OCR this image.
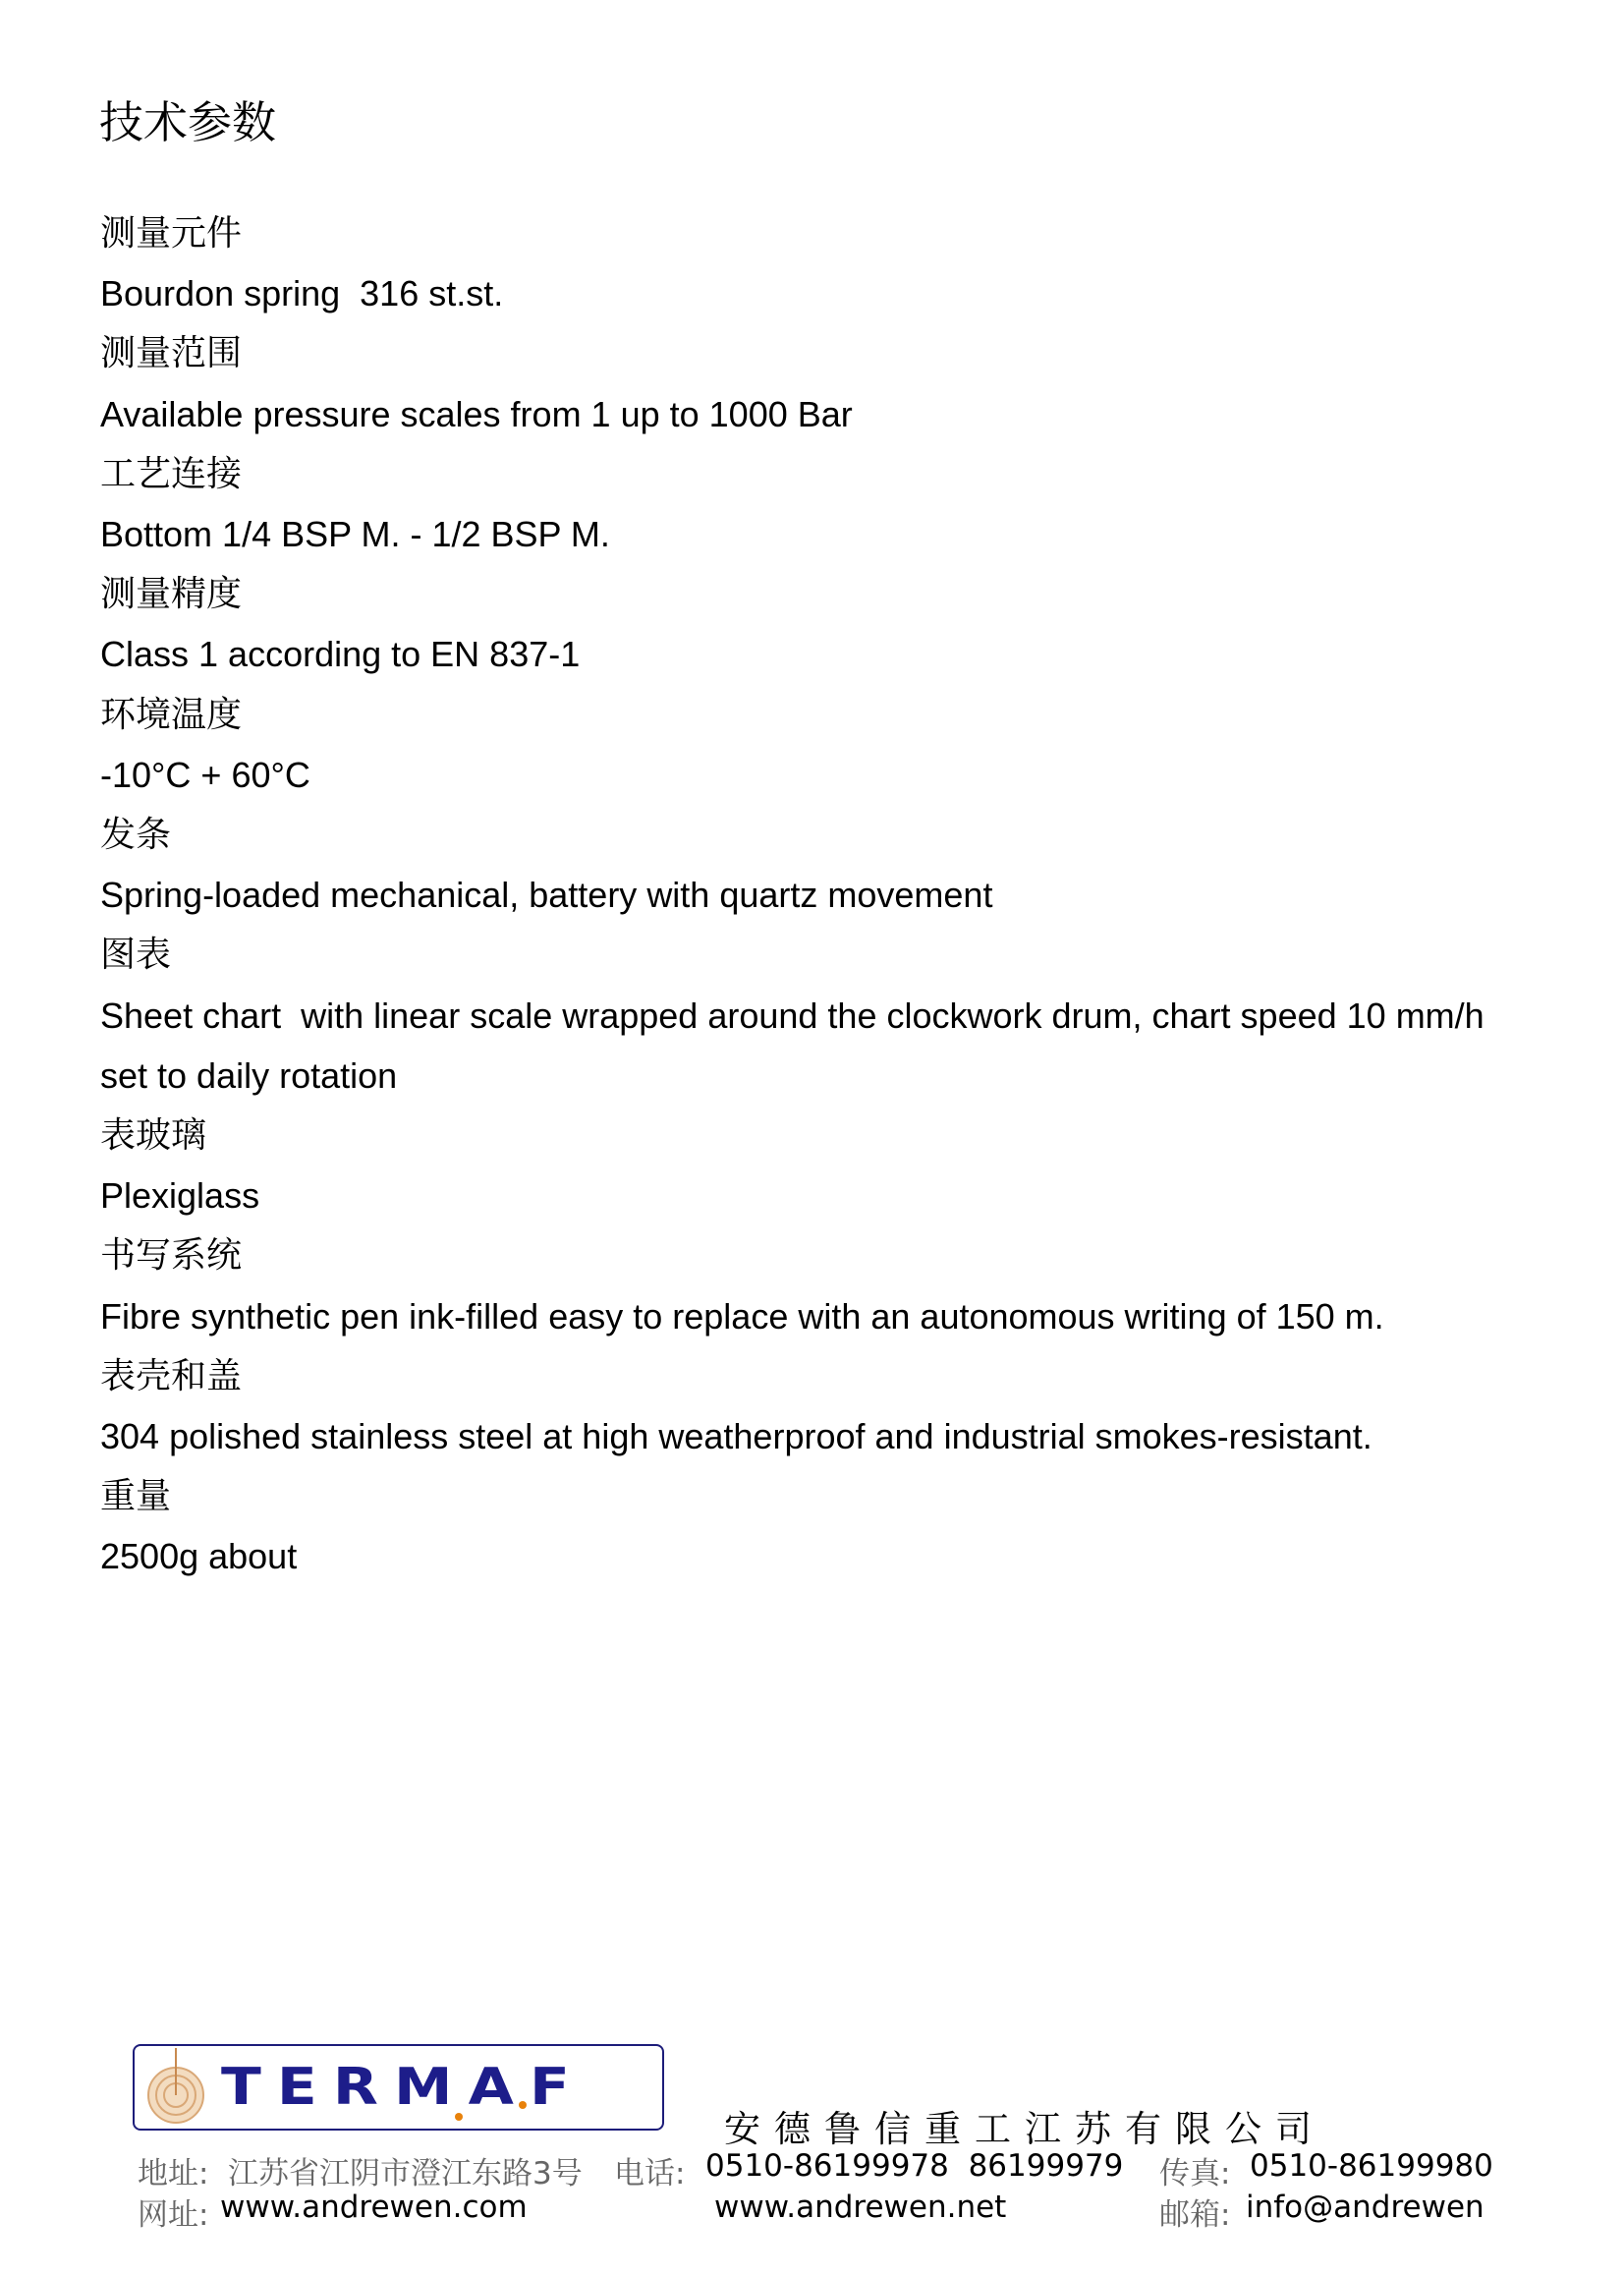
技术参数
测量元件
Bourdon spring  316 st.st.
测量范围
Available pressure scales from 1 up to 1000 Bar
工艺连接
Bottom 1/4 BSP M. - 1/2 BSP M.
测量精度
Class 1 according to EN 837-1
环境温度
-10°C + 60°C
发条
Spring-loaded mechanical, battery with quartz movement
图表
Sheet chart  with linear scale wrapped around the clockwork drum, chart speed 10 mm/h  set to daily rotation
表玻璃
Plexiglass
书写系统
Fibre synthetic pen ink-filled easy to replace with an autonomous writing of 150 m.
表壳和盖
304 polished stainless steel at high weatherproof and industrial smokes-resistant.
重量
2500g about
TERMAF
安德鲁信重工江苏有限公司
地址: 江苏省江阴市澄江东路3号 电话: 0510-86199978  86199979 传真: 0510-86199980
网址: www.andrewen.com	www.andrewen.net	邮箱: info@andrewen
